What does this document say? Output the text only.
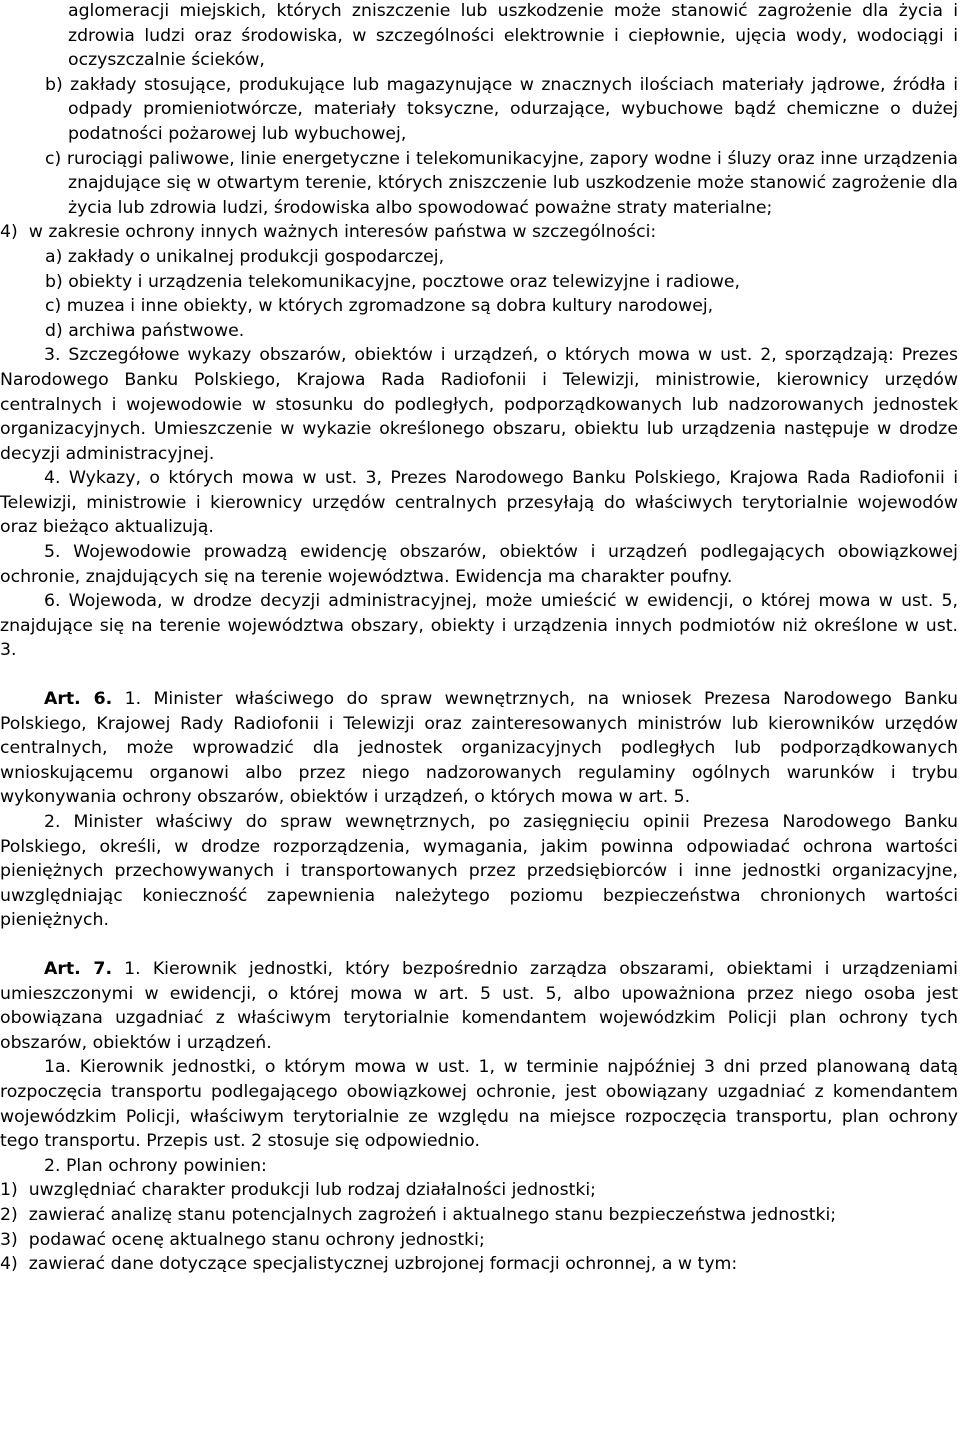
aglomeracji miejskich, których zniszczenie lub uszkodzenie może stanowić zagrożenie dla życia i zdrowia ludzi oraz środowiska, w szczególności elektrownie i ciepłownie, ujęcia wody, wodociągi i oczyszczalnie ścieków,

b) zakłady stosujące, produkujące lub magazynujące w znacznych ilościach materiały jądrowe, źródła i odpady promieniotwórcze, materiały toksyczne, odurzające, wybuchowe bądź chemiczne o dużej podatności pożarowej lub wybuchowej,

c) rurociągi paliwowe, linie energetyczne i telekomunikacyjne, zapory wodne i śluzy oraz inne urządzenia znajdujące się w otwartym terenie, których zniszczenie lub uszkodzenie może stanowić zagrożenie dla życia lub zdrowia ludzi, środowiska albo spowodować poważne straty materialne;

4)  w zakresie ochrony innych ważnych interesów państwa w szczególności:

a) zakłady o unikalnej produkcji gospodarczej,

b) obiekty i urządzenia telekomunikacyjne, pocztowe oraz telewizyjne i radiowe,

c) muzea i inne obiekty, w których zgromadzone są dobra kultury narodowej,

d) archiwa państwowe.

3. Szczegółowe wykazy obszarów, obiektów i urządzeń, o których mowa w ust. 2, sporządzają: Prezes Narodowego Banku Polskiego, Krajowa Rada Radiofonii i Telewizji, ministrowie, kierownicy urzędów centralnych i wojewodowie w stosunku do podległych, podporządkowanych lub nadzorowanych jednostek organizacyjnych. Umieszczenie w wykazie określonego obszaru, obiektu lub urządzenia następuje w drodze decyzji administracyjnej.

4. Wykazy, o których mowa w ust. 3, Prezes Narodowego Banku Polskiego, Krajowa Rada Radiofonii i Telewizji, ministrowie i kierownicy urzędów centralnych przesyłają do właściwych terytorialnie wojewodów oraz bieżąco aktualizują.

5. Wojewodowie prowadzą ewidencję obszarów, obiektów i urządzeń podlegających obowiązkowej ochronie, znajdujących się na terenie województwa. Ewidencja ma charakter poufny.

6. Wojewoda, w drodze decyzji administracyjnej, może umieścić w ewidencji, o której mowa w ust. 5, znajdujące się na terenie województwa obszary, obiekty i urządzenia innych podmiotów niż określone w ust. 3.

Art. 6. 1. Minister właściwego do spraw wewnętrznych, na wniosek Prezesa Narodowego Banku Polskiego, Krajowej Rady Radiofonii i Telewizji oraz zainteresowanych ministrów lub kierowników urzędów centralnych, może wprowadzić dla jednostek organizacyjnych podległych lub podporządkowanych wnioskującemu organowi albo przez niego nadzorowanych regulaminy ogólnych warunków i trybu wykonywania ochrony obszarów, obiektów i urządzeń, o których mowa w art. 5.

2. Minister właściwy do spraw wewnętrznych, po zasięgnięciu opinii Prezesa Narodowego Banku Polskiego, określi, w drodze rozporządzenia, wymagania, jakim powinna odpowiadać ochrona wartości pieniężnych przechowywanych i transportowanych przez przedsiębiorców i inne jednostki organizacyjne, uwzględniając konieczność zapewnienia należytego poziomu bezpieczeństwa chronionych wartości pieniężnych.

Art. 7. 1. Kierownik jednostki, który bezpośrednio zarządza obszarami, obiektami i urządzeniami umieszczonymi w ewidencji, o której mowa w art. 5 ust. 5, albo upoważniona przez niego osoba jest obowiązana uzgadniać z właściwym terytorialnie komendantem wojewódzkim Policji plan ochrony tych obszarów, obiektów i urządzeń.

1a. Kierownik jednostki, o którym mowa w ust. 1, w terminie najpóźniej 3 dni przed planowaną datą rozpoczęcia transportu podlegającego obowiązkowej ochronie, jest obowiązany uzgadniać z komendantem wojewódzkim Policji, właściwym terytorialnie ze względu na miejsce rozpoczęcia transportu, plan ochrony tego transportu. Przepis ust. 2 stosuje się odpowiednio.

2. Plan ochrony powinien:

1)  uwzględniać charakter produkcji lub rodzaj działalności jednostki;

2)  zawierać analizę stanu potencjalnych zagrożeń i aktualnego stanu bezpieczeństwa jednostki;

3)  podawać ocenę aktualnego stanu ochrony jednostki;

4)  zawierać dane dotyczące specjalistycznej uzbrojonej formacji ochronnej, a w tym:
